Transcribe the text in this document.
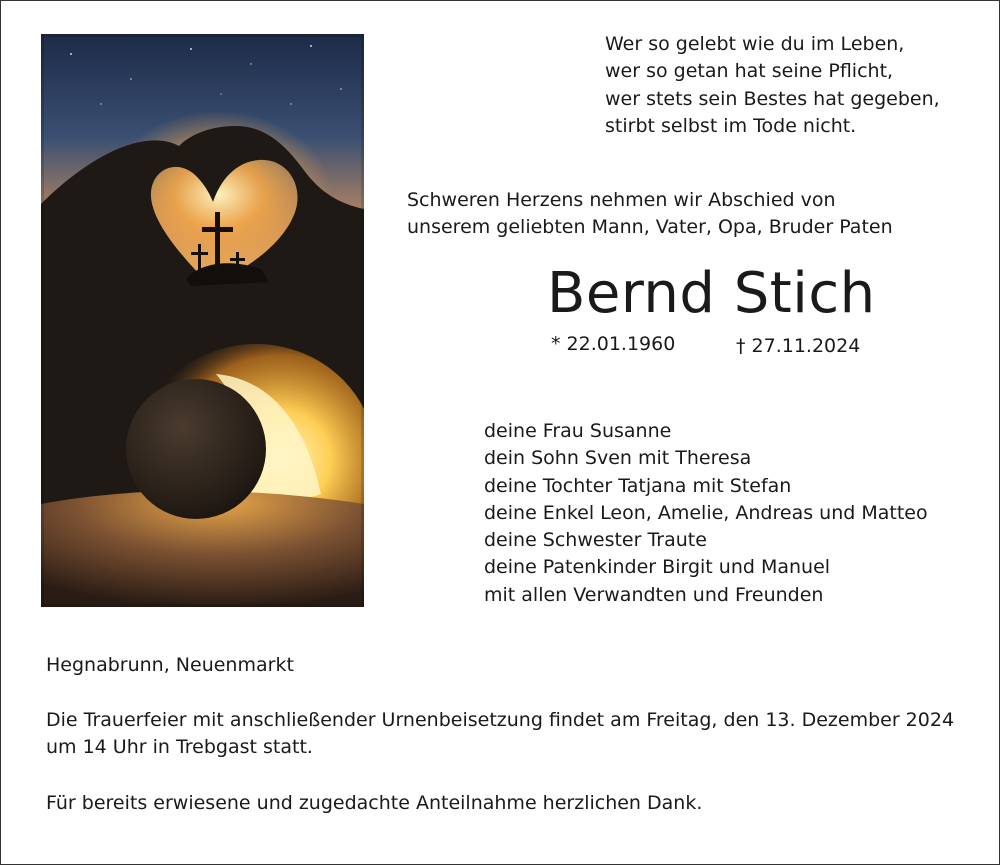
Wer so gelebt wie du im Leben,
wer so getan hat seine Pflicht,
wer stets sein Bestes hat gegeben,
stirbt selbst im Tode nicht.
Schweren Herzens nehmen wir Abschied von
unserem geliebten Mann, Vater, Opa, Bruder Paten
Bernd Stich
* 22.01.1960	† 27.11.2024
deine Frau Susanne
dein Sohn Sven mit Theresa
deine Tochter Tatjana mit Stefan
deine Enkel Leon, Amelie, Andreas und Matteo
deine Schwester Traute
deine Patenkinder Birgit und Manuel
mit allen Verwandten und Freunden
Hegnabrunn, Neuenmarkt
Die Trauerfeier mit anschließender Urnenbeisetzung findet am Freitag, den 13. Dezember 2024
um 14 Uhr in Trebgast statt.
Für bereits erwiesene und zugedachte Anteilnahme herzlichen Dank.
